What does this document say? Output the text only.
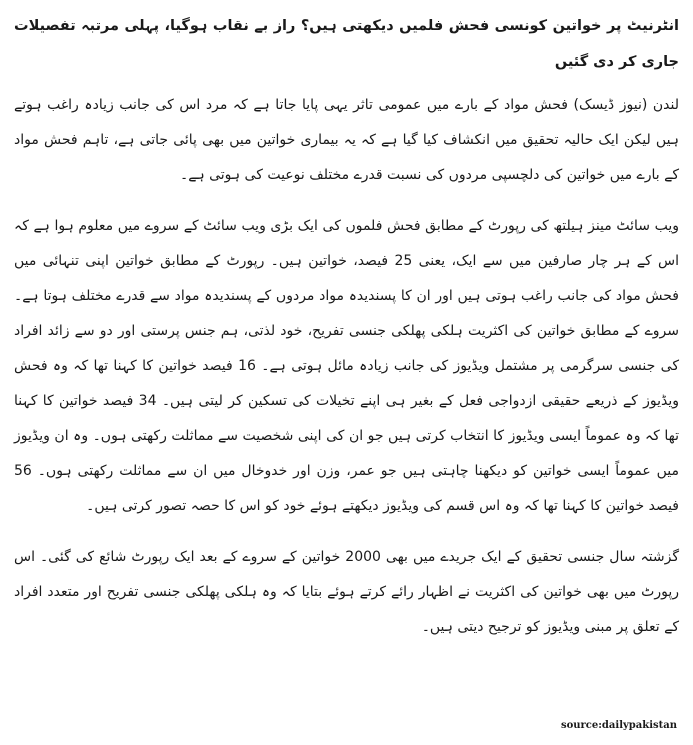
انٹرنیٹ پر خواتین کونسی فحش فلمیں دیکھتی ہیں؟ راز بے نقاب ہوگیا، پہلی مرتبہ تفصیلات جاری کر دی گئیں

لندن (نیوز ڈیسک) فحش مواد کے بارے میں عمومی تاثر یہی پایا جاتا ہے کہ مرد اس کی جانب زیادہ راغب ہوتے ہیں لیکن ایک حالیہ تحقیق میں انکشاف کیا گیا ہے کہ یہ بیماری خواتین میں بھی پائی جاتی ہے، تاہم فحش مواد کے بارے میں خواتین کی دلچسپی مردوں کی نسبت قدرے مختلف نوعیت کی ہوتی ہے۔

ویب سائٹ مینز ہیلتھ کی رپورٹ کے مطابق فحش فلموں کی ایک بڑی ویب سائٹ کے سروے میں معلوم ہوا ہے کہ اس کے ہر چار صارفین میں سے ایک، یعنی 25 فیصد، خواتین ہیں۔ رپورٹ کے مطابق خواتین اپنی تنہائی میں فحش مواد کی جانب راغب ہوتی ہیں اور ان کا پسندیدہ مواد مردوں کے پسندیدہ مواد سے قدرے مختلف ہوتا ہے۔ سروے کے مطابق خواتین کی اکثریت ہلکی پھلکی جنسی تفریح، خود لذتی، ہم جنس پرستی اور دو سے زائد افراد کی جنسی سرگرمی پر مشتمل ویڈیوز کی جانب زیادہ مائل ہوتی ہے۔ 16 فیصد خواتین کا کہنا تھا کہ وہ فحش ویڈیوز کے ذریعے حقیقی ازدواجی فعل کے بغیر ہی اپنے تخیلات کی تسکین کر لیتی ہیں۔ 34 فیصد خواتین کا کہنا تھا کہ وہ عموماً ایسی ویڈیوز کا انتخاب کرتی ہیں جو ان کی اپنی شخصیت سے مماثلت رکھتی ہوں۔ وہ ان ویڈیوز میں عموماً ایسی خواتین کو دیکھنا چاہتی ہیں جو عمر، وزن اور خدوخال میں ان سے مماثلت رکھتی ہوں۔ 56 فیصد خواتین کا کہنا تھا کہ وہ اس قسم کی ویڈیوز دیکھتے ہوئے خود کو اس کا حصہ تصور کرتی ہیں۔

گزشتہ سال جنسی تحقیق کے ایک جریدے میں بھی 2000 خواتین کے سروے کے بعد ایک رپورٹ شائع کی گئی۔ اس رپورٹ میں بھی خواتین کی اکثریت نے اظہار رائے کرتے ہوئے بتایا کہ وہ ہلکی پھلکی جنسی تفریح اور متعدد افراد کے تعلق پر مبنی ویڈیوز کو ترجیح دیتی ہیں۔

source:dailypakistan
